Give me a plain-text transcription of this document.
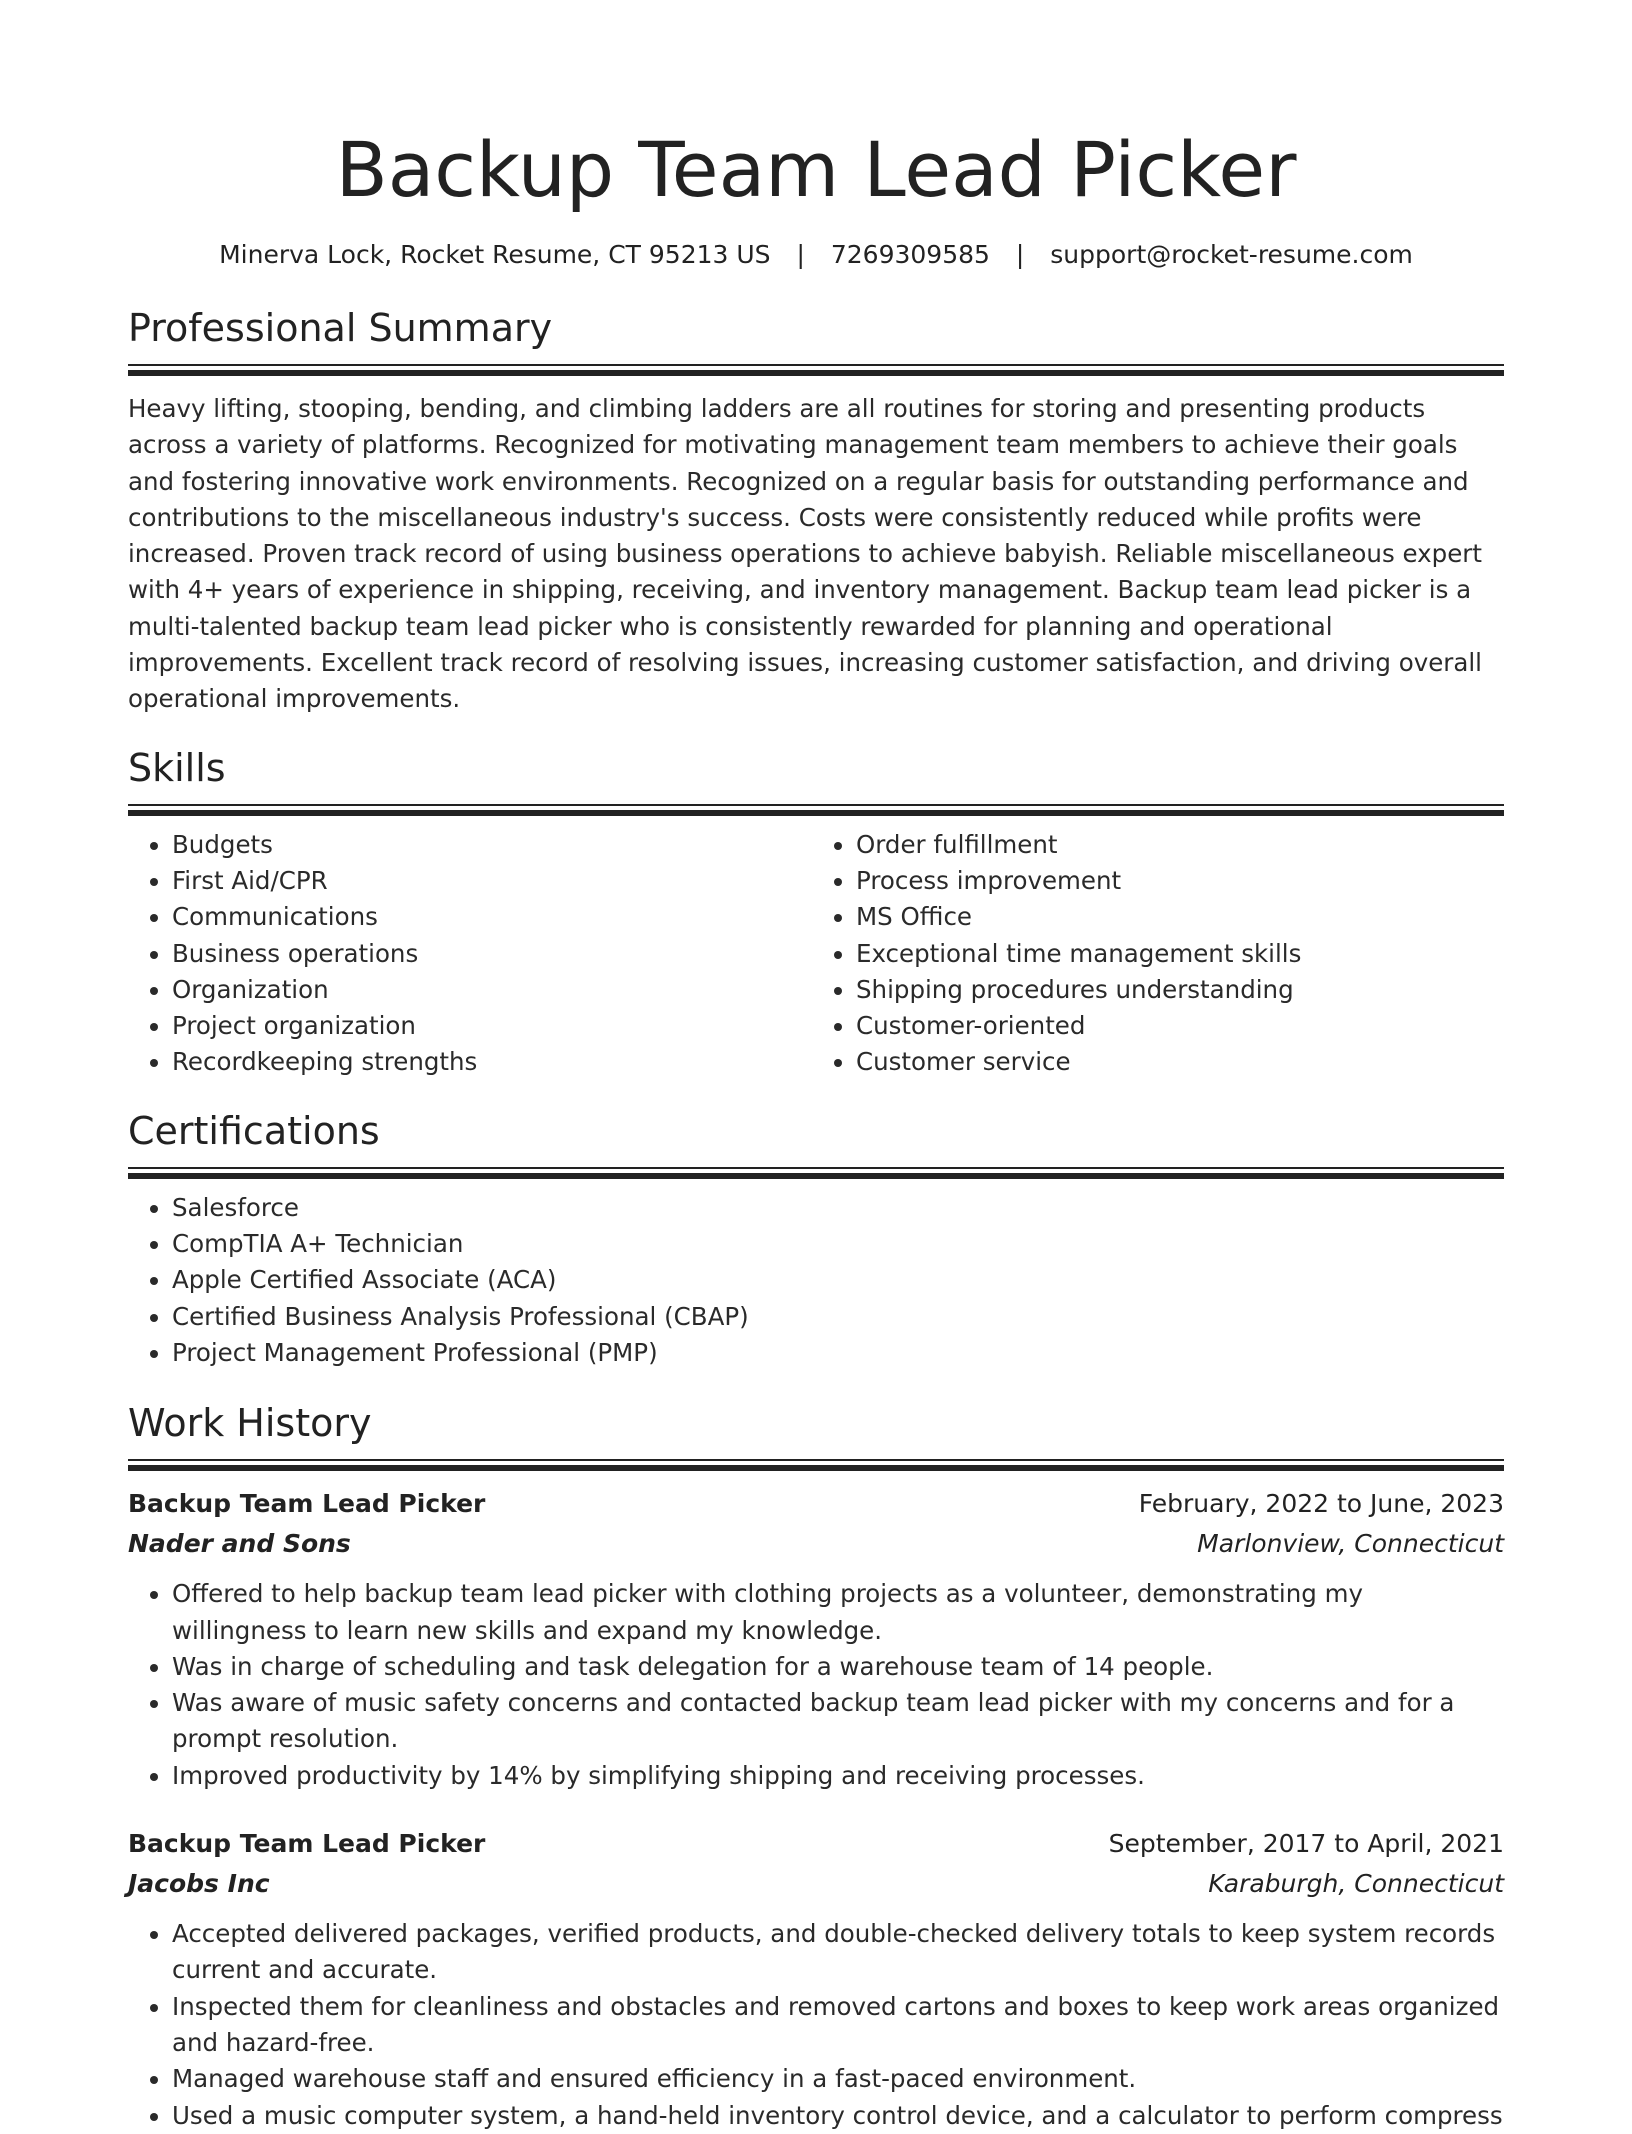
Backup Team Lead Picker
Minerva Lock, Rocket Resume, CT 95213 US | 7269309585 | support@rocket-resume.com
Professional Summary

Heavy lifting, stooping, bending, and climbing ladders are all routines for storing and presenting products across a variety of platforms. Recognized for motivating management team members to achieve their goals and fostering innovative work environments. Recognized on a regular basis for outstanding performance and contributions to the miscellaneous industry's success. Costs were consistently reduced while profits were increased. Proven track record of using business operations to achieve babyish. Reliable miscellaneous expert with 4+ years of experience in shipping, receiving, and inventory management. Backup team lead picker is a multi-talented backup team lead picker who is consistently rewarded for planning and operational improvements. Excellent track record of resolving issues, increasing customer satisfaction, and driving overall operational improvements.

Skills
• Budgets
• First Aid/CPR
• Communications
• Business operations
• Organization
• Project organization
• Recordkeeping strengths
• Order fulfillment
• Process improvement
• MS Office
• Exceptional time management skills
• Shipping procedures understanding
• Customer-oriented
• Customer service
Certifications
• Salesforce
• CompTIA A+ Technician
• Apple Certified Associate (ACA)
• Certified Business Analysis Professional (CBAP)
• Project Management Professional (PMP)
Work History
Backup Team Lead Picker	February, 2022 to June, 2023
Nader and Sons	Marlonview, Connecticut
• Offered to help backup team lead picker with clothing projects as a volunteer, demonstrating my willingness to learn new skills and expand my knowledge.
• Was in charge of scheduling and task delegation for a warehouse team of 14 people.
• Was aware of music safety concerns and contacted backup team lead picker with my concerns and for a prompt resolution.
• Improved productivity by 14% by simplifying shipping and receiving processes.
Backup Team Lead Picker	September, 2017 to April, 2021
Jacobs Inc	Karaburgh, Connecticut
• Accepted delivered packages, verified products, and double-checked delivery totals to keep system records current and accurate.
• Inspected them for cleanliness and obstacles and removed cartons and boxes to keep work areas organized and hazard-free.
• Managed warehouse staff and ensured efficiency in a fast-paced environment.
• Used a music computer system, a hand-held inventory control device, and a calculator to perform compress
